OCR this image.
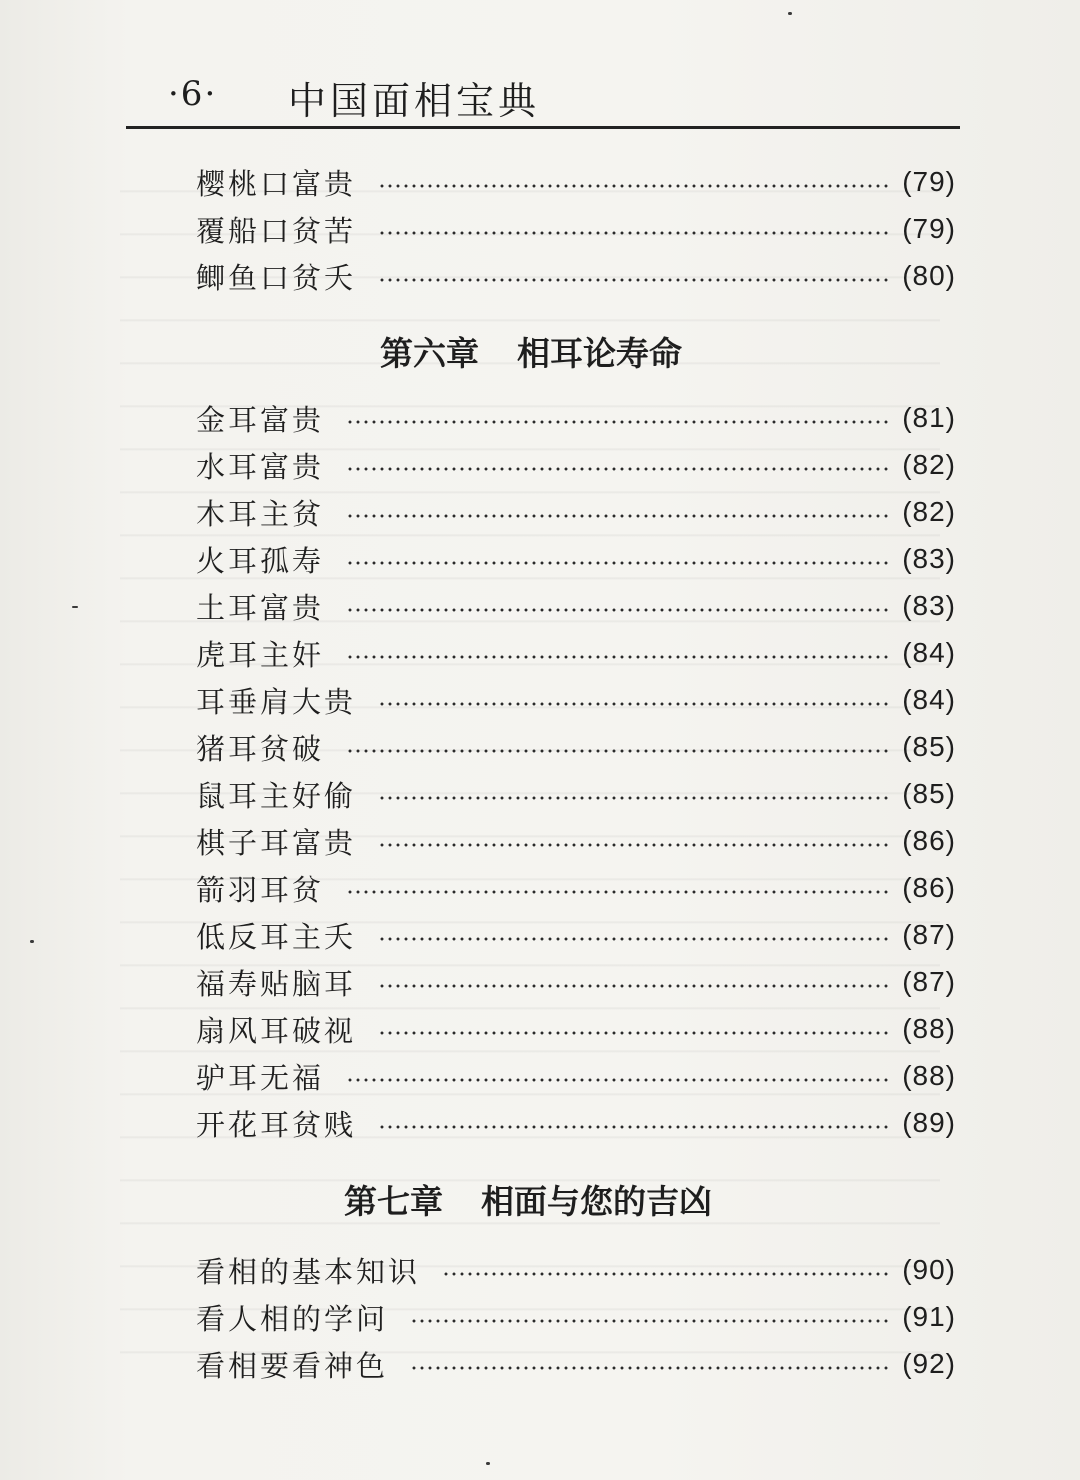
·6· 中国面相宝典
樱桃口富贵	(79)
覆船口贫苦	(79)
鲫鱼口贫夭	(80)
第六章 相耳论寿命
金耳富贵	(81)
水耳富贵	(82)
木耳主贫	(82)
火耳孤寿	(83)
土耳富贵	(83)
虎耳主奸	(84)
耳垂肩大贵	(84)
猪耳贫破	(85)
鼠耳主好偷	(85)
棋子耳富贵	(86)
箭羽耳贫	(86)
低反耳主夭	(87)
福寿贴脑耳	(87)
扇风耳破视	(88)
驴耳无福	(88)
开花耳贫贱	(89)
第七章 相面与您的吉凶
看相的基本知识	(90)
看人相的学问	(91)
看相要看神色	(92)
